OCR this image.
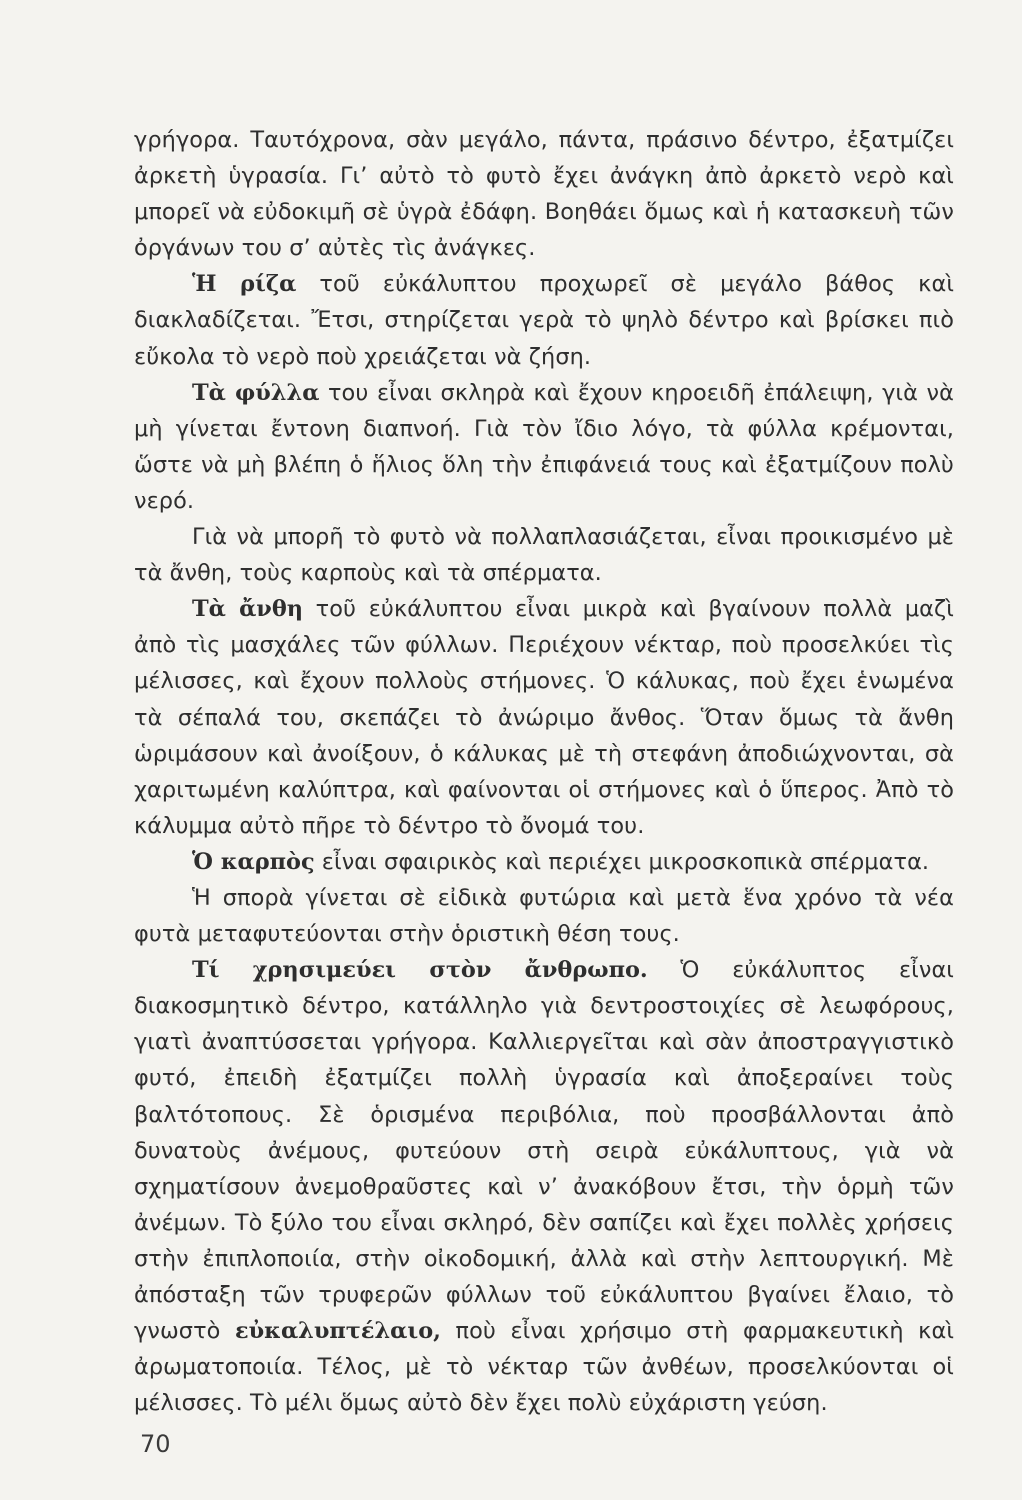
γρήγορα. Ταυτόχρονα, σὰν μεγάλο, πάντα, πράσινο δέντρο, ἐξατμίζει ἀρκετὴ ὑγρασία. Γι’ αὐτὸ τὸ φυτὸ ἔχει ἀνάγκη ἀπὸ ἀρκετὸ νερὸ καὶ μπορεῖ νὰ εὐδοκιμῆ σὲ ὑγρὰ ἐδάφη. Βοηθάει ὅμως καὶ ἡ κατασκευὴ τῶν ὀργάνων του σ’ αὐτὲς τὶς ἀνάγκες.

Ἡ ρίζα τοῦ εὐκάλυπτου προχωρεῖ σὲ μεγάλο βάθος καὶ διακλαδίζεται. Ἔτσι, στηρίζεται γερὰ τὸ ψηλὸ δέντρο καὶ βρίσκει πιὸ εὔκολα τὸ νερὸ ποὺ χρειάζεται νὰ ζήση.

Τὰ φύλλα του εἶναι σκληρὰ καὶ ἔχουν κηροειδῆ ἐπάλειψη, γιὰ νὰ μὴ γίνεται ἔντονη διαπνοή. Γιὰ τὸν ἴδιο λόγο, τὰ φύλλα κρέμονται, ὥστε νὰ μὴ βλέπη ὁ ἥλιος ὅλη τὴν ἐπιφάνειά τους καὶ ἐξατμίζουν πολὺ νερό.

Γιὰ νὰ μπορῆ τὸ φυτὸ νὰ πολλαπλασιάζεται, εἶναι προικισμένο μὲ τὰ ἄνθη, τοὺς καρποὺς καὶ τὰ σπέρματα.

Τὰ ἄνθη τοῦ εὐκάλυπτου εἶναι μικρὰ καὶ βγαίνουν πολλὰ μαζὶ ἀπὸ τὶς μασχάλες τῶν φύλλων. Περιέχουν νέκταρ, ποὺ προσελκύει τὶς μέλισσες, καὶ ἔχουν πολλοὺς στήμονες. Ὁ κάλυκας, ποὺ ἔχει ἑνωμένα τὰ σέπαλά του, σκεπάζει τὸ ἀνώριμο ἄνθος. Ὅταν ὅμως τὰ ἄνθη ὡριμάσουν καὶ ἀνοίξουν, ὁ κάλυκας μὲ τὴ στεφάνη ἀποδιώχνονται, σὰ χαριτωμένη καλύπτρα, καὶ φαίνονται οἱ στήμονες καὶ ὁ ὕπερος. Ἀπὸ τὸ κάλυμμα αὐτὸ πῆρε τὸ δέντρο τὸ ὄνομά του.

Ὁ καρπὸς εἶναι σφαιρικὸς καὶ περιέχει μικροσκοπικὰ σπέρματα.

Ἡ σπορὰ γίνεται σὲ εἰδικὰ φυτώρια καὶ μετὰ ἕνα χρόνο τὰ νέα φυτὰ μεταφυτεύονται στὴν ὁριστικὴ θέση τους.

Τί χρησιμεύει στὸν ἄνθρωπο. Ὁ εὐκάλυπτος εἶναι διακοσμητικὸ δέντρο, κατάλληλο γιὰ δεντροστοιχίες σὲ λεωφόρους, γιατὶ ἀναπτύσσεται γρήγορα. Καλλιεργεῖται καὶ σὰν ἀποστραγγιστικὸ φυτό, ἐπειδὴ ἐξατμίζει πολλὴ ὑγρασία καὶ ἀποξεραίνει τοὺς βαλτότοπους. Σὲ ὁρισμένα περιβόλια, ποὺ προσβάλλονται ἀπὸ δυνατοὺς ἀνέμους, φυτεύουν στὴ σειρὰ εὐκάλυπτους, γιὰ νὰ σχηματίσουν ἀνεμοθραῦστες καὶ ν’ ἀνακόβουν ἔτσι, τὴν ὁρμὴ τῶν ἀνέμων. Τὸ ξύλο του εἶναι σκληρό, δὲν σαπίζει καὶ ἔχει πολλὲς χρήσεις στὴν ἐπιπλοποιία, στὴν οἰκοδομική, ἀλλὰ καὶ στὴν λεπτουργική. Μὲ ἀπόσταξη τῶν τρυφερῶν φύλλων τοῦ εὐκάλυπτου βγαίνει ἔλαιο, τὸ γνωστὸ εὐκαλυπτέλαιο, ποὺ εἶναι χρήσιμο στὴ φαρμακευτικὴ καὶ ἀρωματοποιία. Τέλος, μὲ τὸ νέκταρ τῶν ἀνθέων, προσελκύονται οἱ μέλισσες. Τὸ μέλι ὅμως αὐτὸ δὲν ἔχει πολὺ εὐχάριστη γεύση.

70
